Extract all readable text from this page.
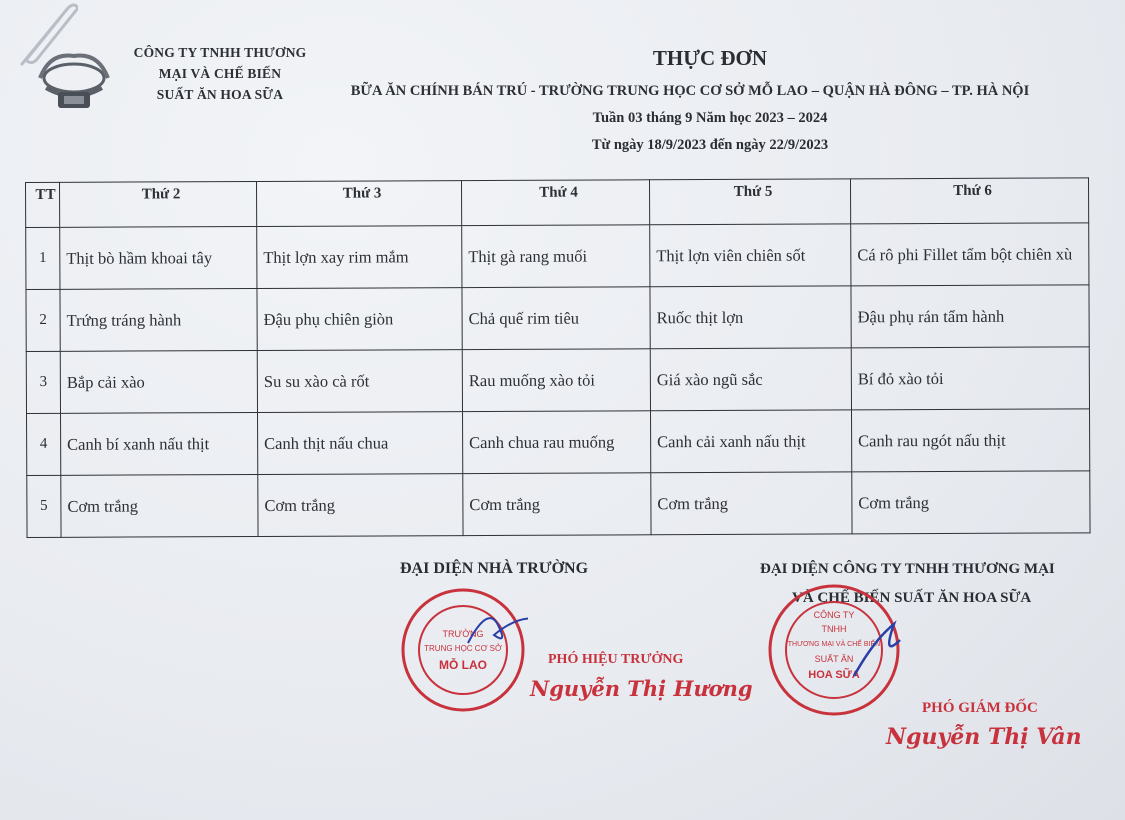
CÔNG TY TNHH THƯƠNG
MẠI VÀ CHẾ BIẾN
SUẤT ĂN HOA SỮA
THỰC ĐƠN
BỮA ĂN CHÍNH BÁN TRÚ - TRƯỜNG TRUNG HỌC CƠ SỞ MỖ LAO – QUẬN HÀ ĐÔNG – TP. HÀ NỘI
Tuần 03 tháng 9 Năm học 2023 – 2024
Từ ngày 18/9/2023 đến ngày 22/9/2023
TT	Thứ 2	Thứ 3	Thứ 4	Thứ 5	Thứ 6
1	Thịt bò hầm khoai tây	Thịt lợn xay rim mắm	Thịt gà rang muối	Thịt lợn viên chiên sốt	Cá rô phi Fillet tẩm bột chiên xù
2	Trứng tráng hành	Đậu phụ chiên giòn	Chả quế rim tiêu	Ruốc thịt lợn	Đậu phụ rán tẩm hành
3	Bắp cải xào	Su su xào cà rốt	Rau muống xào tỏi	Giá xào ngũ sắc	Bí đỏ xào tỏi
4	Canh bí xanh nấu thịt	Canh thịt nấu chua	Canh chua rau muống	Canh cải xanh nấu thịt	Canh rau ngót nấu thịt
5	Cơm trắng	Cơm trắng	Cơm trắng	Cơm trắng	Cơm trắng
ĐẠI DIỆN NHÀ TRƯỜNG
TRƯỜNG
TRUNG HỌC CƠ SỞ
MỖ LAO	PHÓ HIỆU TRƯỞNG
Nguyễn Thị Hương
ĐẠI DIỆN CÔNG TY TNHH THƯƠNG MẠI
VÀ CHẾ BIẾN SUẤT ĂN HOA SỮA
CÔNG TY
TNHH
THƯƠNG MẠI VÀ CHẾ BIẾN
SUẤT ĂN
HOA SỮA
PHÓ GIÁM ĐỐC
Nguyễn Thị Vân
